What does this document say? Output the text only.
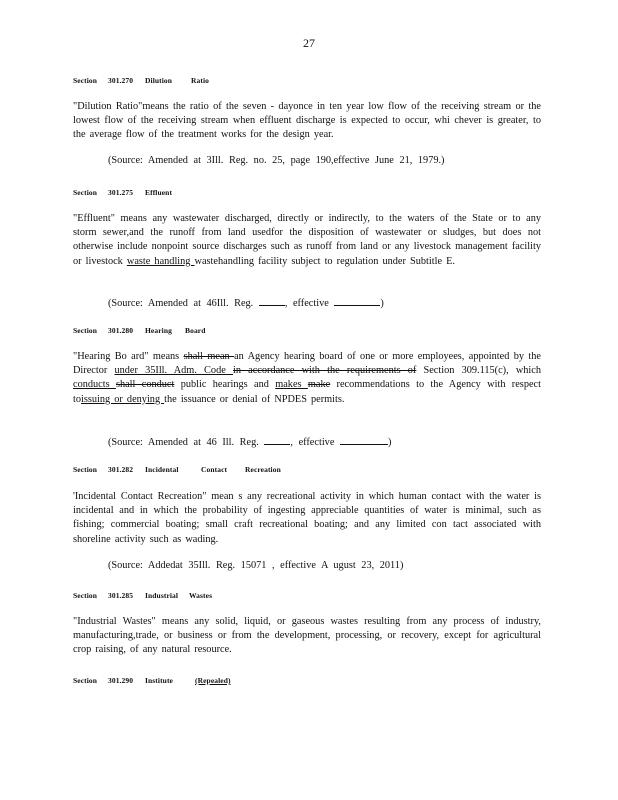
27
Section 301.270 Dilution	Ratio
"Dilution Ratio"means the ratio of the seven - dayonce in ten year low flow of the receiving stream or the lowest flow of the receiving stream when effluent discharge is expected to occur, whi chever is greater, to the average flow of the treatment works for the design year.
(Source: Amended at 3Ill. Reg. no. 25, page 190,effective June 21, 1979.)
Section 301.275 Effluent
"Effluent" means any wastewater discharged, directly or indirectly, to the waters of the State or to any storm sewer,and the runoff from land usedfor the disposition of wastewater or sludges, but does not otherwise include nonpoint source discharges such as runoff from land or any livestock management facility or livestock waste handling wastehandling facility subject to regulation under Subtitle E.
(Source: Amended at 46Ill. Reg.	, effective	)
Section 301.280 Hearing Board
"Hearing Bo ard" means shall mean an Agency hearing board of one or more employees, appointed by the Director under 35Ill. Adm. Code in accordance with the requirements of Section 309.115(c), which conducts shall conduct public hearings and makes make recommendations to the Agency with respect toissuing or denying the issuance or denial of NPDES permits.
(Source: Amended at 46 Ill. Reg.	, effective	)
Section 301.282 Incidental	Contact Recreation
'Incidental Contact Recreation" mean s any recreational activity in which human contact with the water is incidental and in which the probability of ingesting appreciable quantities of water is minimal, such as fishing; commercial boating; small craft recreational boating; and any limited con tact associated with shoreline activity such as wading.
(Source: Addedat 35Ill. Reg. 15071 , effective A ugust 23, 2011)
Section 301.285 Industrial Wastes
"Industrial Wastes" means any solid, liquid, or gaseous wastes resulting from any process of industry, manufacturing,trade, or business or from the development, processing, or recovery, except for agricultural crop raising, of any natural resource.
Section 301.290 Institute	(Repealed)
